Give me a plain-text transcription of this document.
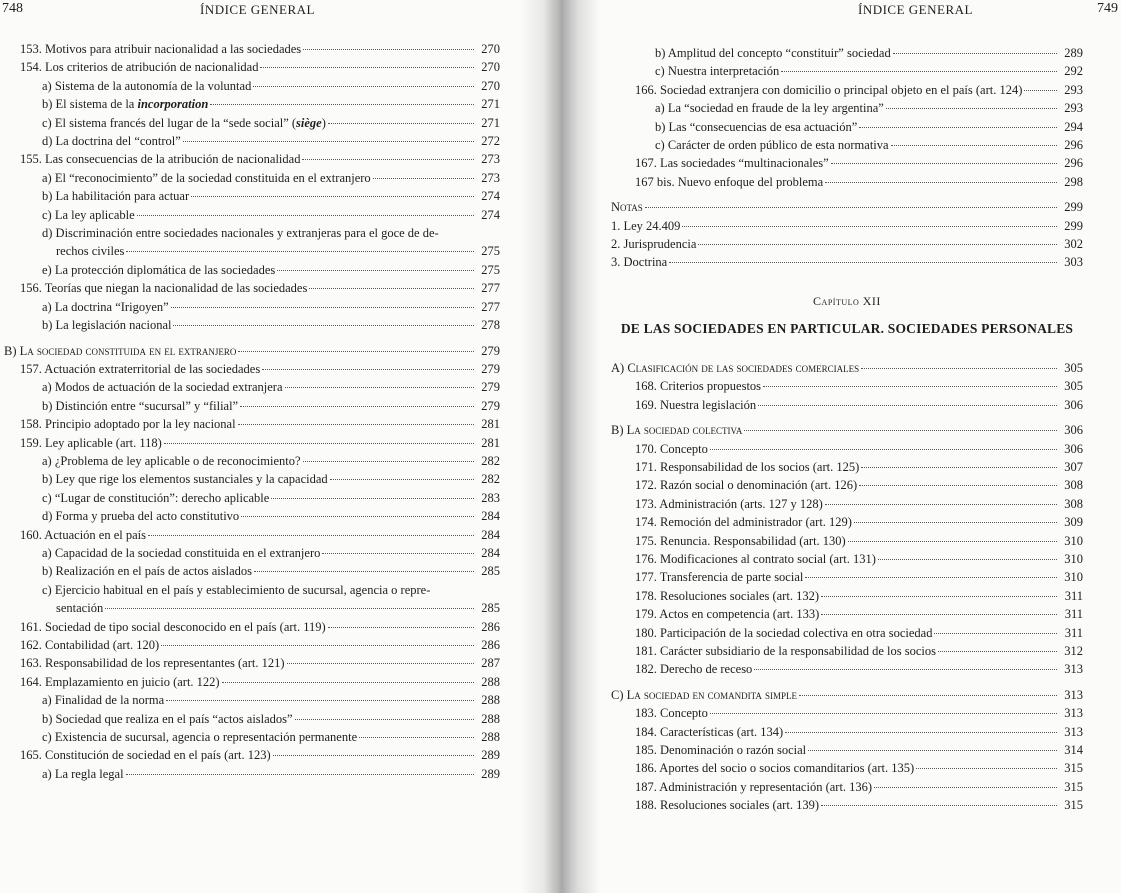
748	ÍNDICE GENERAL
153. Motivos para atribuir nacionalidad a las sociedades	270
154. Los criterios de atribución de nacionalidad	270
a) Sistema de la autonomía de la voluntad	270
b) El sistema de la incorporation	271
c) El sistema francés del lugar de la “sede social” (siège)	271
d) La doctrina del “control”	272
155. Las consecuencias de la atribución de nacionalidad	273
a) El “reconocimiento” de la sociedad constituida en el extranjero	273
b) La habilitación para actuar	274
c) La ley aplicable	274
d) Discriminación entre sociedades nacionales y extranjeras para el goce de de-
rechos civiles	275
e) La protección diplomática de las sociedades	275
156. Teorías que niegan la nacionalidad de las sociedades	277
a) La doctrina “Irigoyen”	277
b) La legislación nacional	278
B) La sociedad constituida en el extranjero	279
157. Actuación extraterritorial de las sociedades	279
a) Modos de actuación de la sociedad extranjera	279
b) Distinción entre “sucursal” y “filial”	279
158. Principio adoptado por la ley nacional	281
159. Ley aplicable (art. 118)	281
a) ¿Problema de ley aplicable o de reconocimiento?	282
b) Ley que rige los elementos sustanciales y la capacidad	282
c) “Lugar de constitución”: derecho aplicable	283
d) Forma y prueba del acto constitutivo	284
160. Actuación en el país	284
a) Capacidad de la sociedad constituida en el extranjero	284
b) Realización en el país de actos aislados	285
c) Ejercicio habitual en el país y establecimiento de sucursal, agencia o repre-
sentación	285
161. Sociedad de tipo social desconocido en el país (art. 119)	286
162. Contabilidad (art. 120)	286
163. Responsabilidad de los representantes (art. 121)	287
164. Emplazamiento en juicio (art. 122)	288
a) Finalidad de la norma	288
b) Sociedad que realiza en el país “actos aislados”	288
c) Existencia de sucursal, agencia o representación permanente	288
165. Constitución de sociedad en el país (art. 123)	289
a) La regla legal	289
ÍNDICE GENERAL	749
b) Amplitud del concepto “constituir” sociedad	289
c) Nuestra interpretación	292
166. Sociedad extranjera con domicilio o principal objeto en el país (art. 124)	293
a) La “sociedad en fraude de la ley argentina”	293
b) Las “consecuencias de esa actuación”	294
c) Carácter de orden público de esta normativa	296
167. Las sociedades “multinacionales”	296
167 bis. Nuevo enfoque del problema	298
Notas	299
1. Ley 24.409	299
2. Jurisprudencia	302
3. Doctrina	303
Capítulo XII
DE LAS SOCIEDADES EN PARTICULAR. SOCIEDADES PERSONALES
A) Clasificación de las sociedades comerciales	305
168. Criterios propuestos	305
169. Nuestra legislación	306
B) La sociedad colectiva	306
170. Concepto	306
171. Responsabilidad de los socios (art. 125)	307
172. Razón social o denominación (art. 126)	308
173. Administración (arts. 127 y 128)	308
174. Remoción del administrador (art. 129)	309
175. Renuncia. Responsabilidad (art. 130)	310
176. Modificaciones al contrato social (art. 131)	310
177. Transferencia de parte social	310
178. Resoluciones sociales (art. 132)	311
179. Actos en competencia (art. 133)	311
180. Participación de la sociedad colectiva en otra sociedad	311
181. Carácter subsidiario de la responsabilidad de los socios	312
182. Derecho de receso	313
C) La sociedad en comandita simple	313
183. Concepto	313
184. Características (art. 134)	313
185. Denominación o razón social	314
186. Aportes del socio o socios comanditarios (art. 135)	315
187. Administración y representación (art. 136)	315
188. Resoluciones sociales (art. 139)	315
